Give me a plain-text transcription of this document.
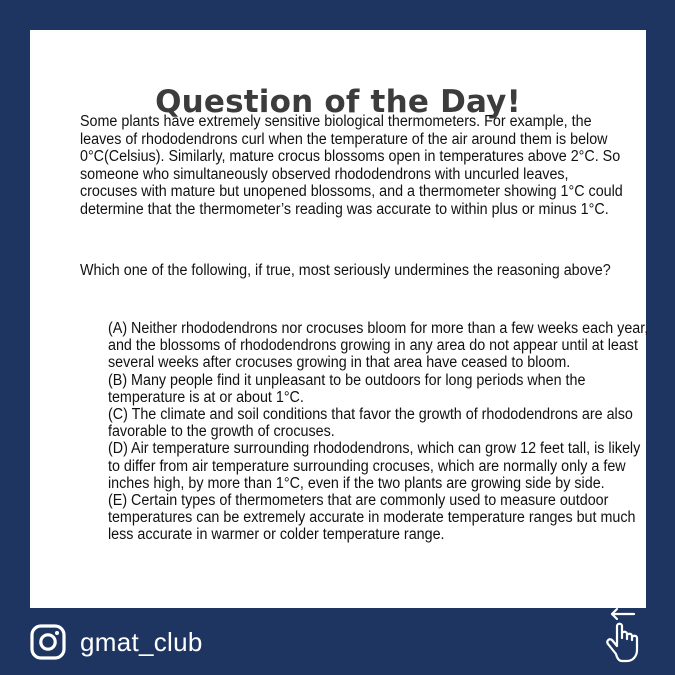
Question of the Day!

Some plants have extremely sensitive biological thermometers. For example, the leaves of rhododendrons curl when the temperature of the air around them is below 0°C(Celsius). Similarly, mature crocus blossoms open in temperatures above 2°C. So someone who simultaneously observed rhododendrons with uncurled leaves, crocuses with mature but unopened blossoms, and a thermometer showing 1°C could determine that the thermometer’s reading was accurate to within plus or minus 1°C.

Which one of the following, if true, most seriously undermines the reasoning above?

(A) Neither rhododendrons nor crocuses bloom for more than a few weeks each year, and the blossoms of rhododendrons growing in any area do not appear until at least several weeks after crocuses growing in that area have ceased to bloom.

(B) Many people find it unpleasant to be outdoors for long periods when the temperature is at or about 1°C.

(C) The climate and soil conditions that favor the growth of rhododendrons are also favorable to the growth of crocuses.

(D) Air temperature surrounding rhododendrons, which can grow 12 feet tall, is likely to differ from air temperature surrounding crocuses, which are normally only a few inches high, by more than 1°C, even if the two plants are growing side by side.

(E) Certain types of thermometers that are commonly used to measure outdoor temperatures can be extremely accurate in moderate temperature ranges but much less accurate in warmer or colder temperature range.

gmat_club
